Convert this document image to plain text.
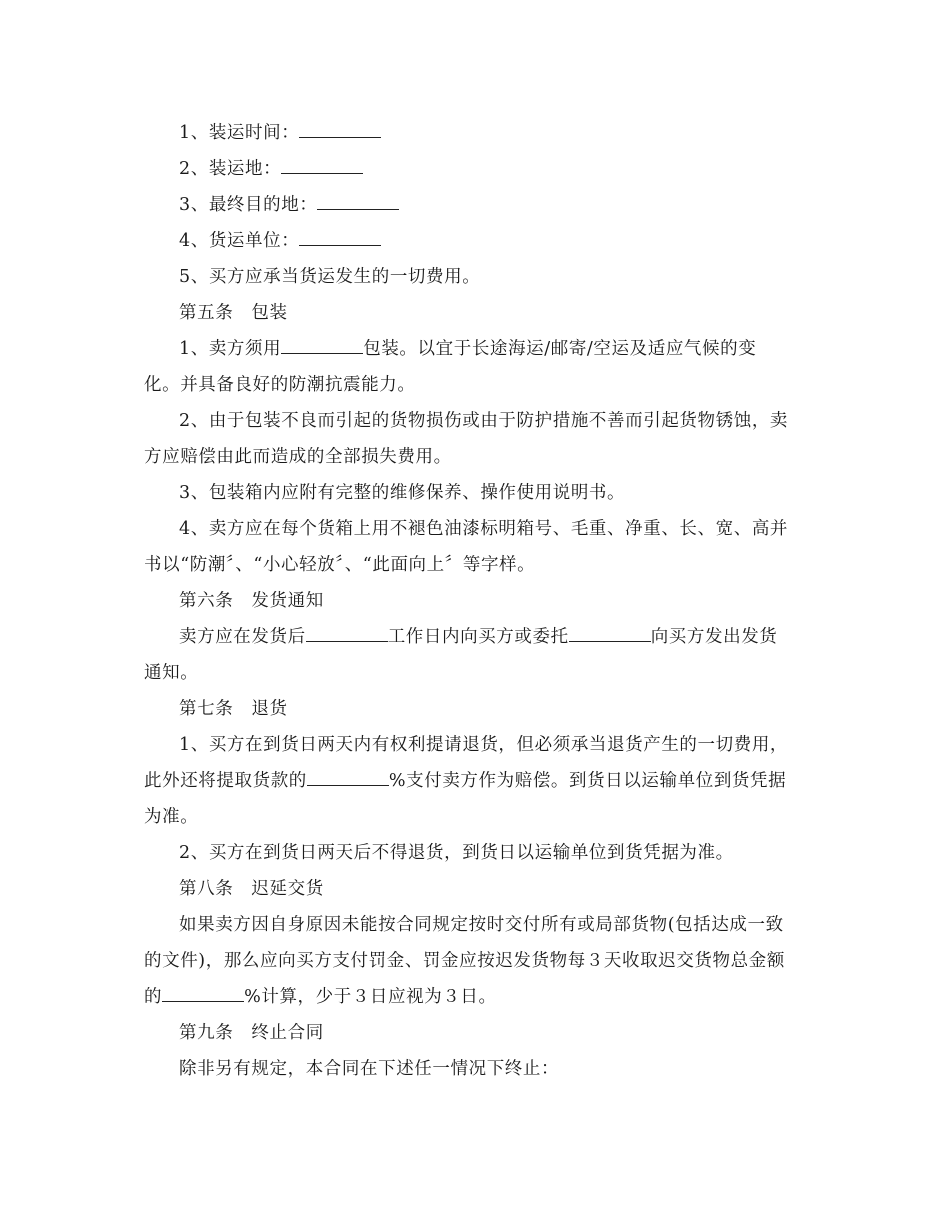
1、装运时间：
2、装运地：
3、最终目的地：
4、货运单位：
5、买方应承当货运发生的一切费用。
第五条　包装
1、卖方须用	包装。以宜于长途海运/邮寄/空运及适应气候的变
化。并具备良好的防潮抗震能力。
2、由于包装不良而引起的货物损伤或由于防护措施不善而引起货物锈蚀，卖
方应赔偿由此而造成的全部损失费用。
3、包装箱内应附有完整的维修保养、操作使用说明书。
4、卖方应在每个货箱上用不褪色油漆标明箱号、毛重、净重、长、宽、高并
书以“防潮〞、“小心轻放〞、“此面向上〞等字样。
第六条　发货通知
卖方应在发货后	工作日内向买方或委托	向买方发出发货
通知。
第七条　退货
1、买方在到货日两天内有权利提请退货，但必须承当退货产生的一切费用，
此外还将提取货款的	%支付卖方作为赔偿。到货日以运输单位到货凭据
为准。
2、买方在到货日两天后不得退货，到货日以运输单位到货凭据为准。
第八条　迟延交货
如果卖方因自身原因未能按合同规定按时交付所有或局部货物(包括达成一致
的文件)，那么应向买方支付罚金、罚金应按迟发货物每３天收取迟交货物总金额
的	%计算，少于３日应视为３日。
第九条　终止合同
除非另有规定，本合同在下述任一情况下终止：
